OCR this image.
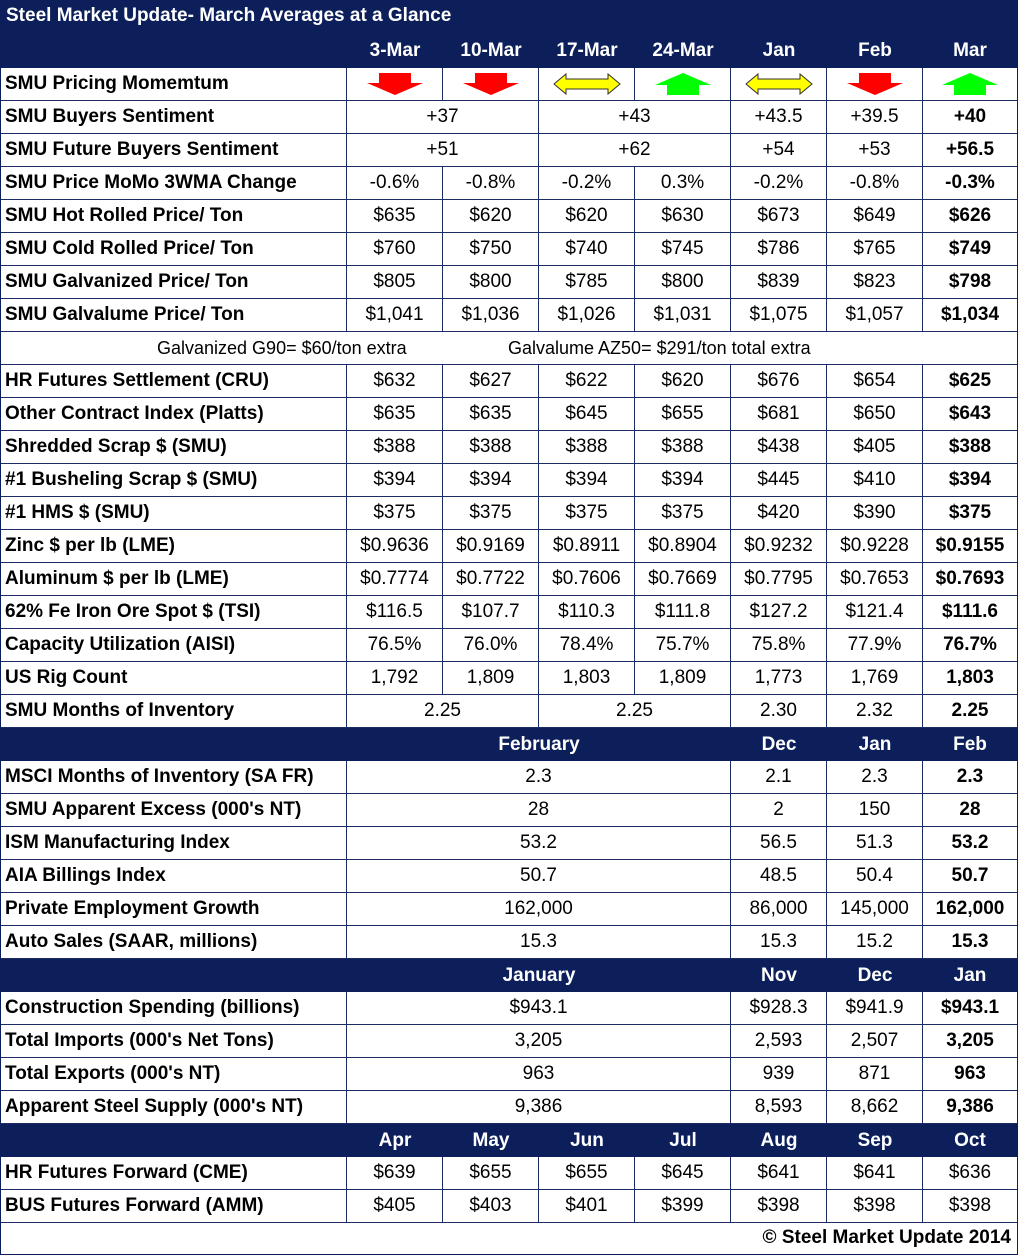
Steel Market Update- March Averages at a Glance
3-Mar	10-Mar	17-Mar	24-Mar	Jan	Feb	Mar
SMU Pricing Momemtum
SMU Buyers Sentiment	+37	+43	+43.5	+39.5	+40
SMU Future Buyers Sentiment	+51	+62	+54	+53	+56.5
SMU Price MoMo 3WMA Change	-0.6%	-0.8%	-0.2%	0.3%	-0.2%	-0.8%	-0.3%
SMU Hot Rolled Price/ Ton	$635	$620	$620	$630	$673	$649	$626
SMU Cold Rolled Price/ Ton	$760	$750	$740	$745	$786	$765	$749
SMU Galvanized Price/ Ton	$805	$800	$785	$800	$839	$823	$798
SMU Galvalume Price/ Ton	$1,041	$1,036	$1,026	$1,031	$1,075	$1,057	$1,034
Galvanized G90= $60/ton extra	Galvalume AZ50= $291/ton total extra
HR Futures Settlement (CRU)	$632	$627	$622	$620	$676	$654	$625
Other Contract Index (Platts)	$635	$635	$645	$655	$681	$650	$643
Shredded Scrap $ (SMU)	$388	$388	$388	$388	$438	$405	$388
#1 Busheling Scrap $ (SMU)	$394	$394	$394	$394	$445	$410	$394
#1 HMS $ (SMU)	$375	$375	$375	$375	$420	$390	$375
Zinc $ per lb (LME)	$0.9636	$0.9169	$0.8911	$0.8904	$0.9232	$0.9228	$0.9155
Aluminum $ per lb (LME)	$0.7774	$0.7722	$0.7606	$0.7669	$0.7795	$0.7653	$0.7693
62% Fe Iron Ore Spot $ (TSI)	$116.5	$107.7	$110.3	$111.8	$127.2	$121.4	$111.6
Capacity Utilization (AISI)	76.5%	76.0%	78.4%	75.7%	75.8%	77.9%	76.7%
US Rig Count	1,792	1,809	1,803	1,809	1,773	1,769	1,803
SMU Months of Inventory	2.25	2.25	2.30	2.32	2.25
February	Dec	Jan	Feb
MSCI Months of Inventory (SA FR)	2.3	2.1	2.3	2.3
SMU Apparent Excess (000's NT)	28	2	150	28
ISM Manufacturing Index	53.2	56.5	51.3	53.2
AIA Billings Index	50.7	48.5	50.4	50.7
Private Employment Growth	162,000	86,000	145,000	162,000
Auto Sales (SAAR, millions)	15.3	15.3	15.2	15.3
January	Nov	Dec	Jan
Construction Spending (billions)	$943.1	$928.3	$941.9	$943.1
Total Imports (000's Net Tons)	3,205	2,593	2,507	3,205
Total Exports (000's NT)	963	939	871	963
Apparent Steel Supply (000's NT)	9,386	8,593	8,662	9,386
Apr	May	Jun	Jul	Aug	Sep	Oct
HR Futures Forward (CME)	$639	$655	$655	$645	$641	$641	$636
BUS Futures Forward (AMM)	$405	$403	$401	$399	$398	$398	$398
© Steel Market Update 2014
